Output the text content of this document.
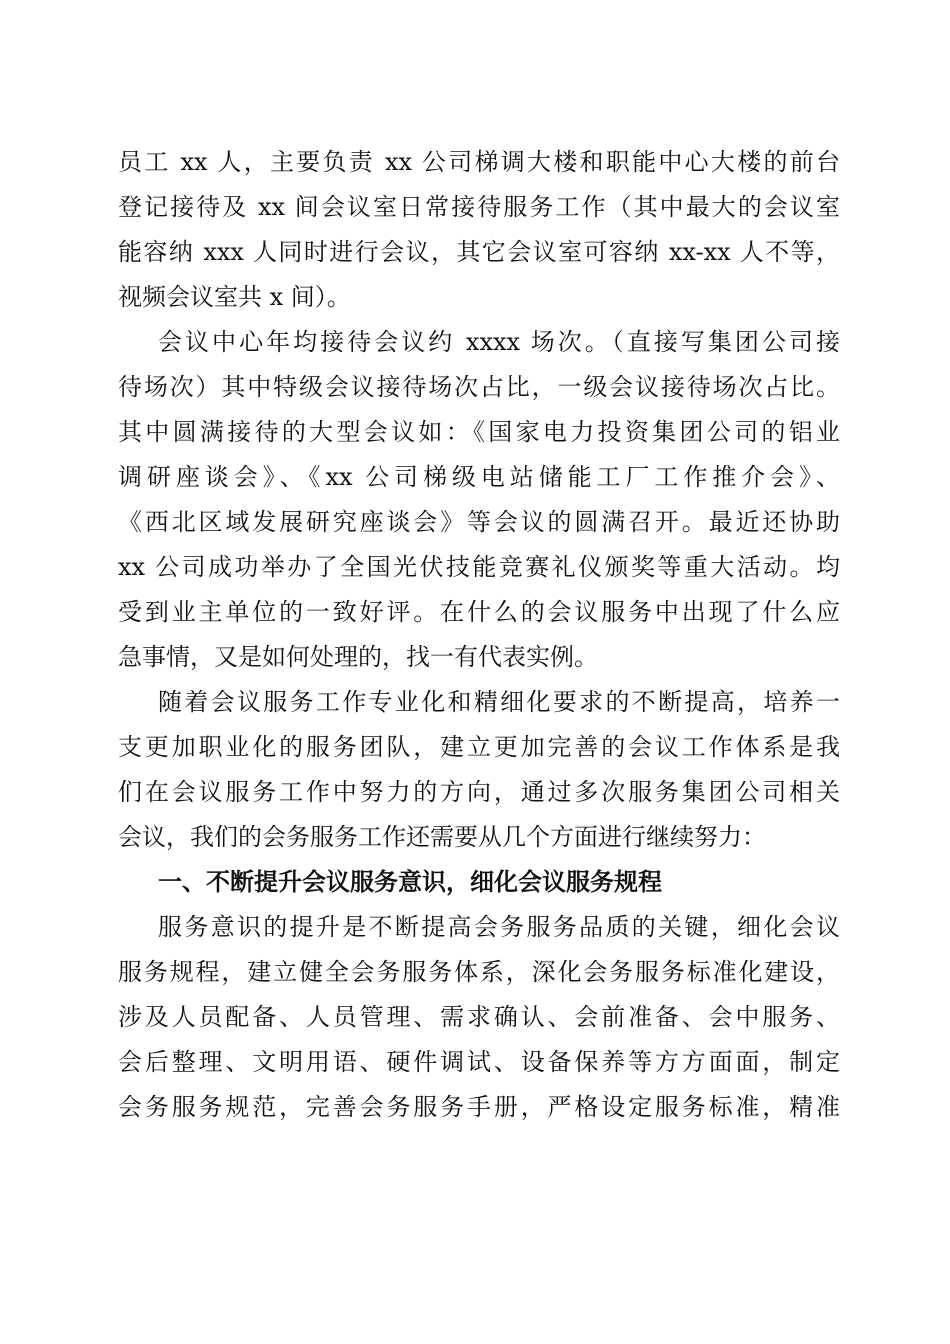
员工 xx 人，主要负责 xx 公司梯调大楼和职能中心大楼的前台
登记接待及 xx 间会议室日常接待服务工作（其中最大的会议室
能容纳 xxx 人同时进行会议，其它会议室可容纳 xx-xx 人不等，
视频会议室共 x 间）。
会议中心年均接待会议约 xxxx 场次。（直接写集团公司接
待场次）其中特级会议接待场次占比，一级会议接待场次占比。
其中圆满接待的大型会议如：《国家电力投资集团公司的铝业
调研座谈会》、《xx 公司梯级电站储能工厂工作推介会》、
《西北区域发展研究座谈会》等会议的圆满召开。最近还协助
xx 公司成功举办了全国光伏技能竞赛礼仪颁奖等重大活动。均
受到业主单位的一致好评。在什么的会议服务中出现了什么应
急事情，又是如何处理的，找一有代表实例。
随着会议服务工作专业化和精细化要求的不断提高，培养一
支更加职业化的服务团队，建立更加完善的会议工作体系是我
们在会议服务工作中努力的方向，通过多次服务集团公司相关
会议，我们的会务服务工作还需要从几个方面进行继续努力：
一、不断提升会议服务意识，细化会议服务规程
服务意识的提升是不断提高会务服务品质的关键，细化会议
服务规程，建立健全会务服务体系，深化会务服务标准化建设，
涉及人员配备、人员管理、需求确认、会前准备、会中服务、
会后整理、文明用语、硬件调试、设备保养等方方面面，制定
会务服务规范，完善会务服务手册，严格设定服务标准，精准
